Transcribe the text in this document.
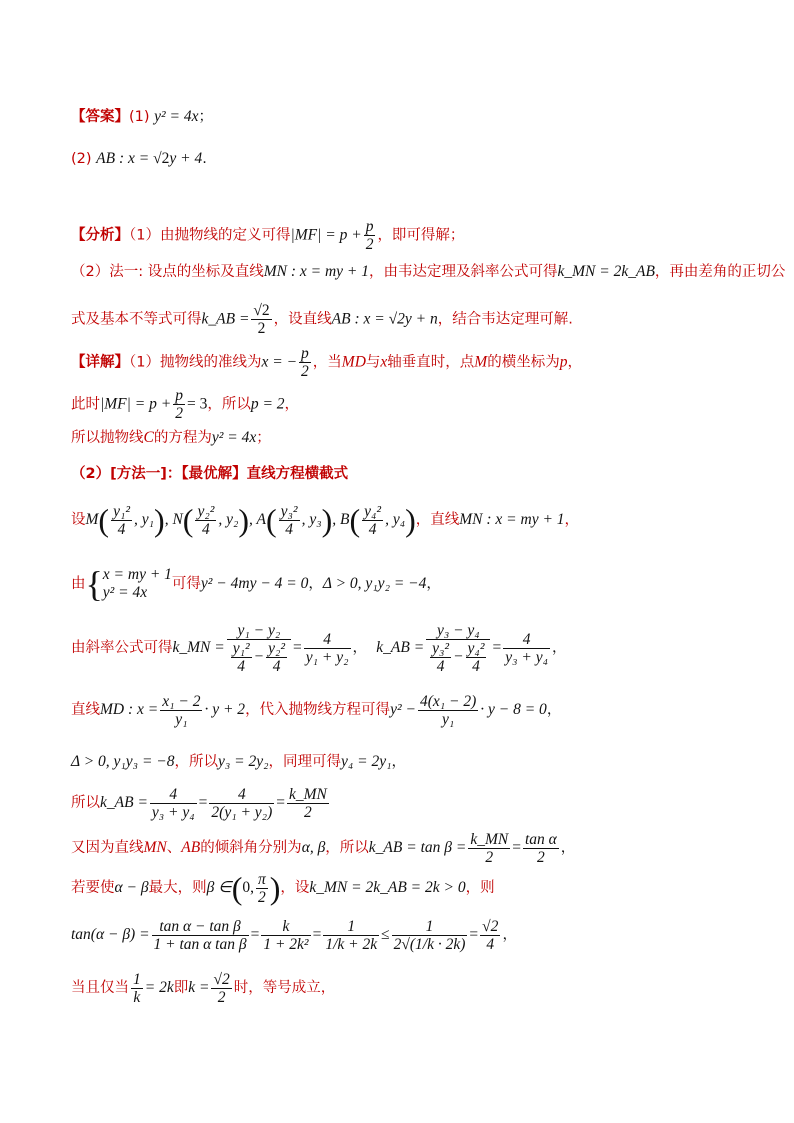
【答案】(1) y² = 4x；
(2) AB : x = √2y + 4.
【分析】（1）由抛物线的定义可得$|MF| = p + \frac{p}{2}$ ，即可得解；
（2）法一: 设点的坐标及直线MN : x = my + 1，由韦达定理及斜率公式可得k_MN = 2k_AB，再由差角的正切公
式及基本不等式可得k_AB = $\frac{√2}{2}$ ，设直线AB : x = √2y + n，结合韦达定理可解.
【详解】（1）抛物线的准线为x = − $\frac{p}{2}$ ，当MD与x轴垂直时，点M的横坐标为p，
此时$|MF| = p + \frac{p}{2} = 3$，所以p = 2，
所以抛物线C的方程为y² = 4x；
（2）[方法一]：【最优解】直线方程横截式
设$M( \frac{\text{y₁²}}{4}$ , y₁), $N( \frac{\text{y₂²}}{4}$ , y₂), $A( \frac{\text{y₃²}}{4}$ , y₃), $B( \frac{\text{y₄²}}{4}$ , y₄)，直线MN : x = my + 1，
由{ x = my + 1
y² = 4x	可得y² − 4my − 4 = 0，Δ > 0, y₁y₂ = −4，
由斜率公式可得k_MN = $\frac{\text{y₁ − y₂}}{\frac{\text{y₁²}}{4} - \frac{\text{y₂²}}{4}} = \frac{4}{\text{y₁ + y₂}}$ ， k_AB = $\frac{\text{y₃ − y₄}}{\frac{\text{y₃²}}{4} - \frac{\text{y₄²}}{4}} = \frac{4}{\text{y₃ + y₄}}$ ，
直线MD : $x = \frac{\text{x₁ − 2}}{\text{y₁}} \cdot y + 2$，代入抛物线方程可得$y^2 - \frac{\text{4(x₁ − 2)}}{\text{y₁}} \cdot y - 8 = 0$，
Δ > 0, y₁y₃ = −8，所以y₃ = 2y₂，同理可得y₄ = 2y₁，
所以k_AB = $\frac{4}{\text{y₃ + y₄}} = \frac{4}{\text{2(y₁ + y₂)}} = \frac{k\_MN}{2}$
又因为直线MN、AB的倾斜角分别为α, β，所以k_AB = $\tan \beta = \frac{k\_MN}{2} = \frac{\text{tan α}}{2}$ ，
若要使α − β最大，则β ∈(0, $\frac{\pi}{2}$ )，设k_MN = 2k_AB = 2k > 0，则
$\tan(\alpha - \beta) = \frac{\text{tan α − tan β}}{\text{1 + tan α tan β}} = \frac{k}{\text{1 + 2k²}} = \frac{1}{1/k + 2k} \le \frac{1}{2√(1/k \cdot 2k)} = \frac{√2}{4}$ ，
当且仅当 $\frac{1}{k} = 2k$即$k = \frac{√2}{2}$ 时，等号成立，
